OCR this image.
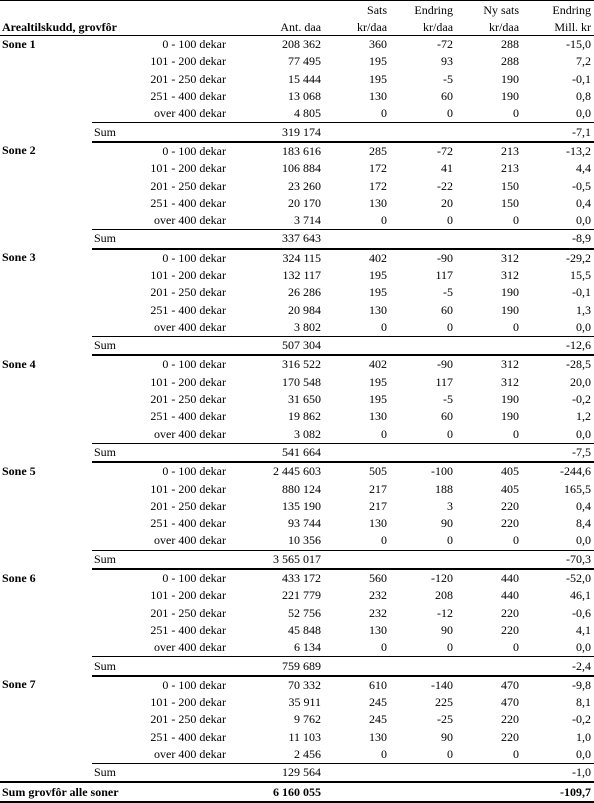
			Sats	Endring	Ny sats	Endring
Arealtilskudd, grovfôr		Ant. daa	kr/daa	kr/daa	kr/daa	Mill. kr
Sone 1	0 - 100 dekar	208 362	360	-72	288	-15,0
	101 - 200 dekar	77 495	195	93	288	7,2
	201 - 250 dekar	15 444	195	-5	190	-0,1
	251 - 400 dekar	13 068	130	60	190	0,8
	over 400 dekar	4 805	0	0	0	0,0
	Sum	319 174				-7,1
Sone 2	0 - 100 dekar	183 616	285	-72	213	-13,2
	101 - 200 dekar	106 884	172	41	213	4,4
	201 - 250 dekar	23 260	172	-22	150	-0,5
	251 - 400 dekar	20 170	130	20	150	0,4
	over 400 dekar	3 714	0	0	0	0,0
	Sum	337 643				-8,9
Sone 3	0 - 100 dekar	324 115	402	-90	312	-29,2
	101 - 200 dekar	132 117	195	117	312	15,5
	201 - 250 dekar	26 286	195	-5	190	-0,1
	251 - 400 dekar	20 984	130	60	190	1,3
	over 400 dekar	3 802	0	0	0	0,0
	Sum	507 304				-12,6
Sone 4	0 - 100 dekar	316 522	402	-90	312	-28,5
	101 - 200 dekar	170 548	195	117	312	20,0
	201 - 250 dekar	31 650	195	-5	190	-0,2
	251 - 400 dekar	19 862	130	60	190	1,2
	over 400 dekar	3 082	0	0	0	0,0
	Sum	541 664				-7,5
Sone 5	0 - 100 dekar	2 445 603	505	-100	405	-244,6
	101 - 200 dekar	880 124	217	188	405	165,5
	201 - 250 dekar	135 190	217	3	220	0,4
	251 - 400 dekar	93 744	130	90	220	8,4
	over 400 dekar	10 356	0	0	0	0,0
	Sum	3 565 017				-70,3
Sone 6	0 - 100 dekar	433 172	560	-120	440	-52,0
	101 - 200 dekar	221 779	232	208	440	46,1
	201 - 250 dekar	52 756	232	-12	220	-0,6
	251 - 400 dekar	45 848	130	90	220	4,1
	over 400 dekar	6 134	0	0	0	0,0
	Sum	759 689				-2,4
Sone 7	0 - 100 dekar	70 332	610	-140	470	-9,8
	101 - 200 dekar	35 911	245	225	470	8,1
	201 - 250 dekar	9 762	245	-25	220	-0,2
	251 - 400 dekar	11 103	130	90	220	1,0
	over 400 dekar	2 456	0	0	0	0,0
	Sum	129 564				-1,0
Sum grovfôr alle soner		6 160 055				-109,7
